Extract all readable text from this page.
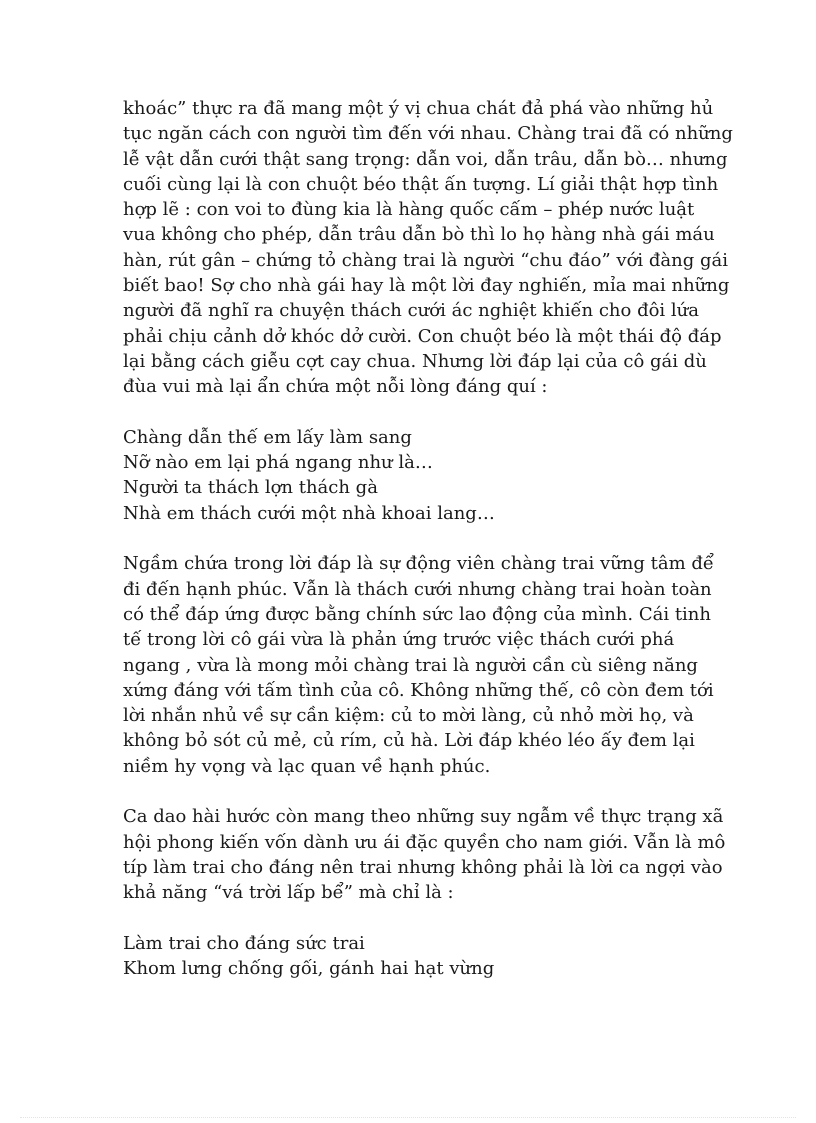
khoác” thực ra đã mang một ý vị chua chát đả phá vào những hủ
tục ngăn cách con người tìm đến với nhau. Chàng trai đã có những
lễ vật dẫn cưới thật sang trọng: dẫn voi, dẫn trâu, dẫn bò… nhưng
cuối cùng lại là con chuột béo thật ấn tượng. Lí giải thật hợp tình
hợp lẽ : con voi to đùng kia là hàng quốc cấm – phép nước luật
vua không cho phép, dẫn trâu dẫn bò thì lo họ hàng nhà gái máu
hàn, rút gân – chứng tỏ chàng trai là người “chu đáo” với đàng gái
biết bao! Sợ cho nhà gái hay là một lời đay nghiến, mỉa mai những
người đã nghĩ ra chuyện thách cưới ác nghiệt khiến cho đôi lứa
phải chịu cảnh dở khóc dở cười. Con chuột béo là một thái độ đáp
lại bằng cách giễu cợt cay chua. Nhưng lời đáp lại của cô gái dù
đùa vui mà lại ẩn chứa một nỗi lòng đáng quí :
Chàng dẫn thế em lấy làm sang
Nỡ nào em lại phá ngang như là…
Người ta thách lợn thách gà
Nhà em thách cưới một nhà khoai lang…
Ngầm chứa trong lời đáp là sự động viên chàng trai vững tâm để
đi đến hạnh phúc. Vẫn là thách cưới nhưng chàng trai hoàn toàn
có thể đáp ứng được bằng chính sức lao động của mình. Cái tinh
tế trong lời cô gái vừa là phản ứng trước việc thách cưới phá
ngang , vừa là mong mỏi chàng trai là người cần cù siêng năng
xứng đáng với tấm tình của cô. Không những thế, cô còn đem tới
lời nhắn nhủ về sự cần kiệm: củ to mời làng, củ nhỏ mời họ, và
không bỏ sót củ mẻ, củ rím, củ hà. Lời đáp khéo léo ấy đem lại
niềm hy vọng và lạc quan về hạnh phúc.
Ca dao hài hước còn mang theo những suy ngẫm về thực trạng xã
hội phong kiến vốn dành ưu ái đặc quyền cho nam giới. Vẫn là mô
típ làm trai cho đáng nên trai nhưng không phải là lời ca ngợi vào
khả năng “vá trời lấp bể” mà chỉ là :
Làm trai cho đáng sức trai
Khom lưng chống gối, gánh hai hạt vừng
